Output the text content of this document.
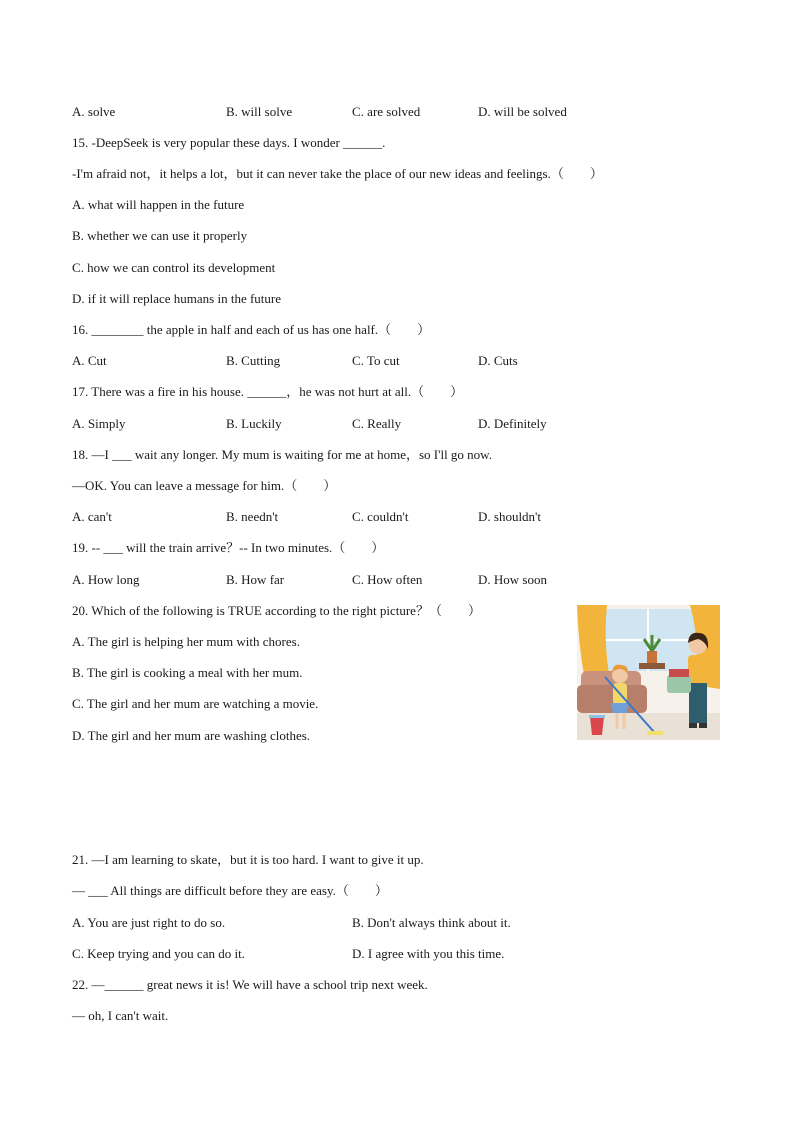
A. solve	B. will solve	C. are solved	D. will be solved
15. -DeepSeek is very popular these days. I wonder ______.
-I'm afraid not，it helps a lot，but it can never take the place of our new ideas and feelings.（　　）
A. what will happen in the future
B. whether we can use it properly
C. how we can control its development
D. if it will replace humans in the future
16. ________ the apple in half and each of us has one half.（　　）
A. Cut	B. Cutting	C. To cut	D. Cuts
17. There was a fire in his house. ______，he was not hurt at all.（　　）
A. Simply	B. Luckily	C. Really	D. Definitely
18. —I ___ wait any longer. My mum is waiting for me at home，so I'll go now.
—OK. You can leave a message for him.（　　）
A. can't	B. needn't	C. couldn't	D. shouldn't
19. -- ___ will the train arrive？-- In two minutes.（　　）
A. How long	B. How far	C. How often	D. How soon
20. Which of the following is TRUE according to the right picture？（　　）
A. The girl is helping her mum with chores.
B. The girl is cooking a meal with her mum.
C. The girl and her mum are watching a movie.
D. The girl and her mum are washing clothes.
21. —I am learning to skate，but it is too hard. I want to give it up.
— ___ All things are difficult before they are easy.（　　）
A. You are just right to do so.	B. Don't always think about it.
C. Keep trying and you can do it.	D. I agree with you this time.
22. —______ great news it is! We will have a school trip next week.
— oh, I can't wait.
